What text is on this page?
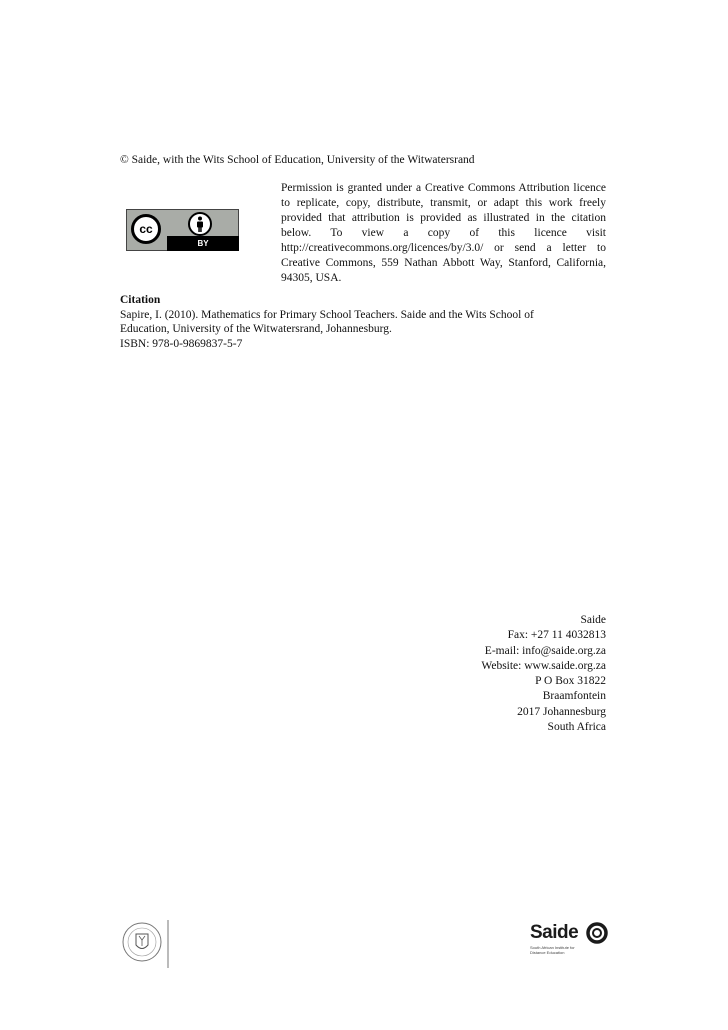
© Saide, with the Wits School of Education, University of the Witwatersrand
cc
BY
Permission is granted under a Creative Commons Attribution licence to replicate, copy, distribute, transmit, or adapt this work freely provided that attribution is provided as illustrated in the citation below. To view a copy of this licence visit http://creativecommons.org/licences/by/3.0/ or send a letter to Creative Commons, 559 Nathan Abbott Way, Stanford, California, 94305, USA.
Citation
Sapire, I. (2010). Mathematics for Primary School Teachers. Saide and the Wits School of
Education, University of the Witwatersrand, Johannesburg.
ISBN: 978-0-9869837-5-7
Saide
Fax: +27 11 4032813
E-mail: info@saide.org.za
Website: www.saide.org.za
P O Box 31822
Braamfontein
2017 Johannesburg
South Africa
Saide
South African Institute for Distance Education
